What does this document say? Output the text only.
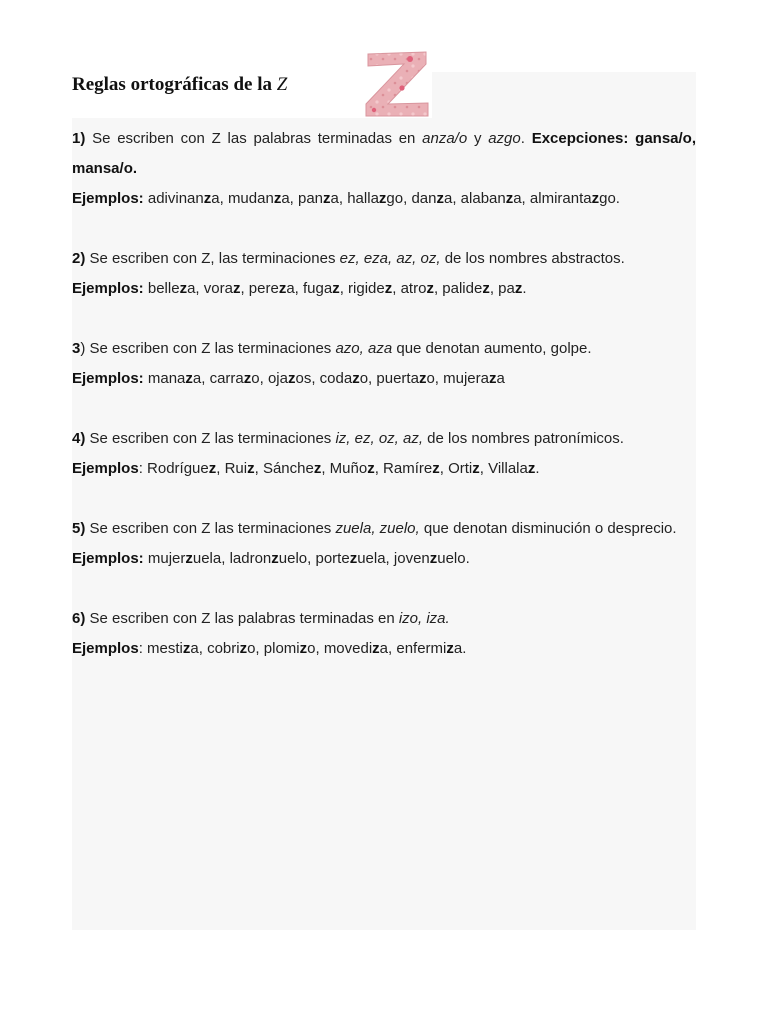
Reglas ortográficas de la Z

1) Se escriben con Z las palabras terminadas en anza/o y azgo. Excepciones: gansa/o, mansa/o.

Ejemplos: adivinanza, mudanza, panza, hallazgo, danza, alabanza, almirantazgo.

2) Se escriben con Z, las terminaciones ez, eza, az, oz, de los nombres abstractos.

Ejemplos: belleza, voraz, pereza, fugaz, rigidez, atroz, palidez, paz.

3) Se escriben con Z las terminaciones azo, aza que denotan aumento, golpe.

Ejemplos: manaza, carrazo, ojazos, codazo, puertazo, mujeraza

4) Se escriben con Z las terminaciones iz, ez, oz, az, de los nombres patronímicos.

Ejemplos: Rodríguez, Ruiz, Sánchez, Muñoz, Ramírez, Ortiz, Villalaz.

5) Se escriben con Z las terminaciones zuela, zuelo, que denotan disminución o desprecio.

Ejemplos: mujerzuela, ladronzuelo, portezuela, jovenzuelo.

6) Se escriben con Z las palabras terminadas en izo, iza.

Ejemplos: mestiza, cobrizo, plomizo, movediza, enfermiza.
